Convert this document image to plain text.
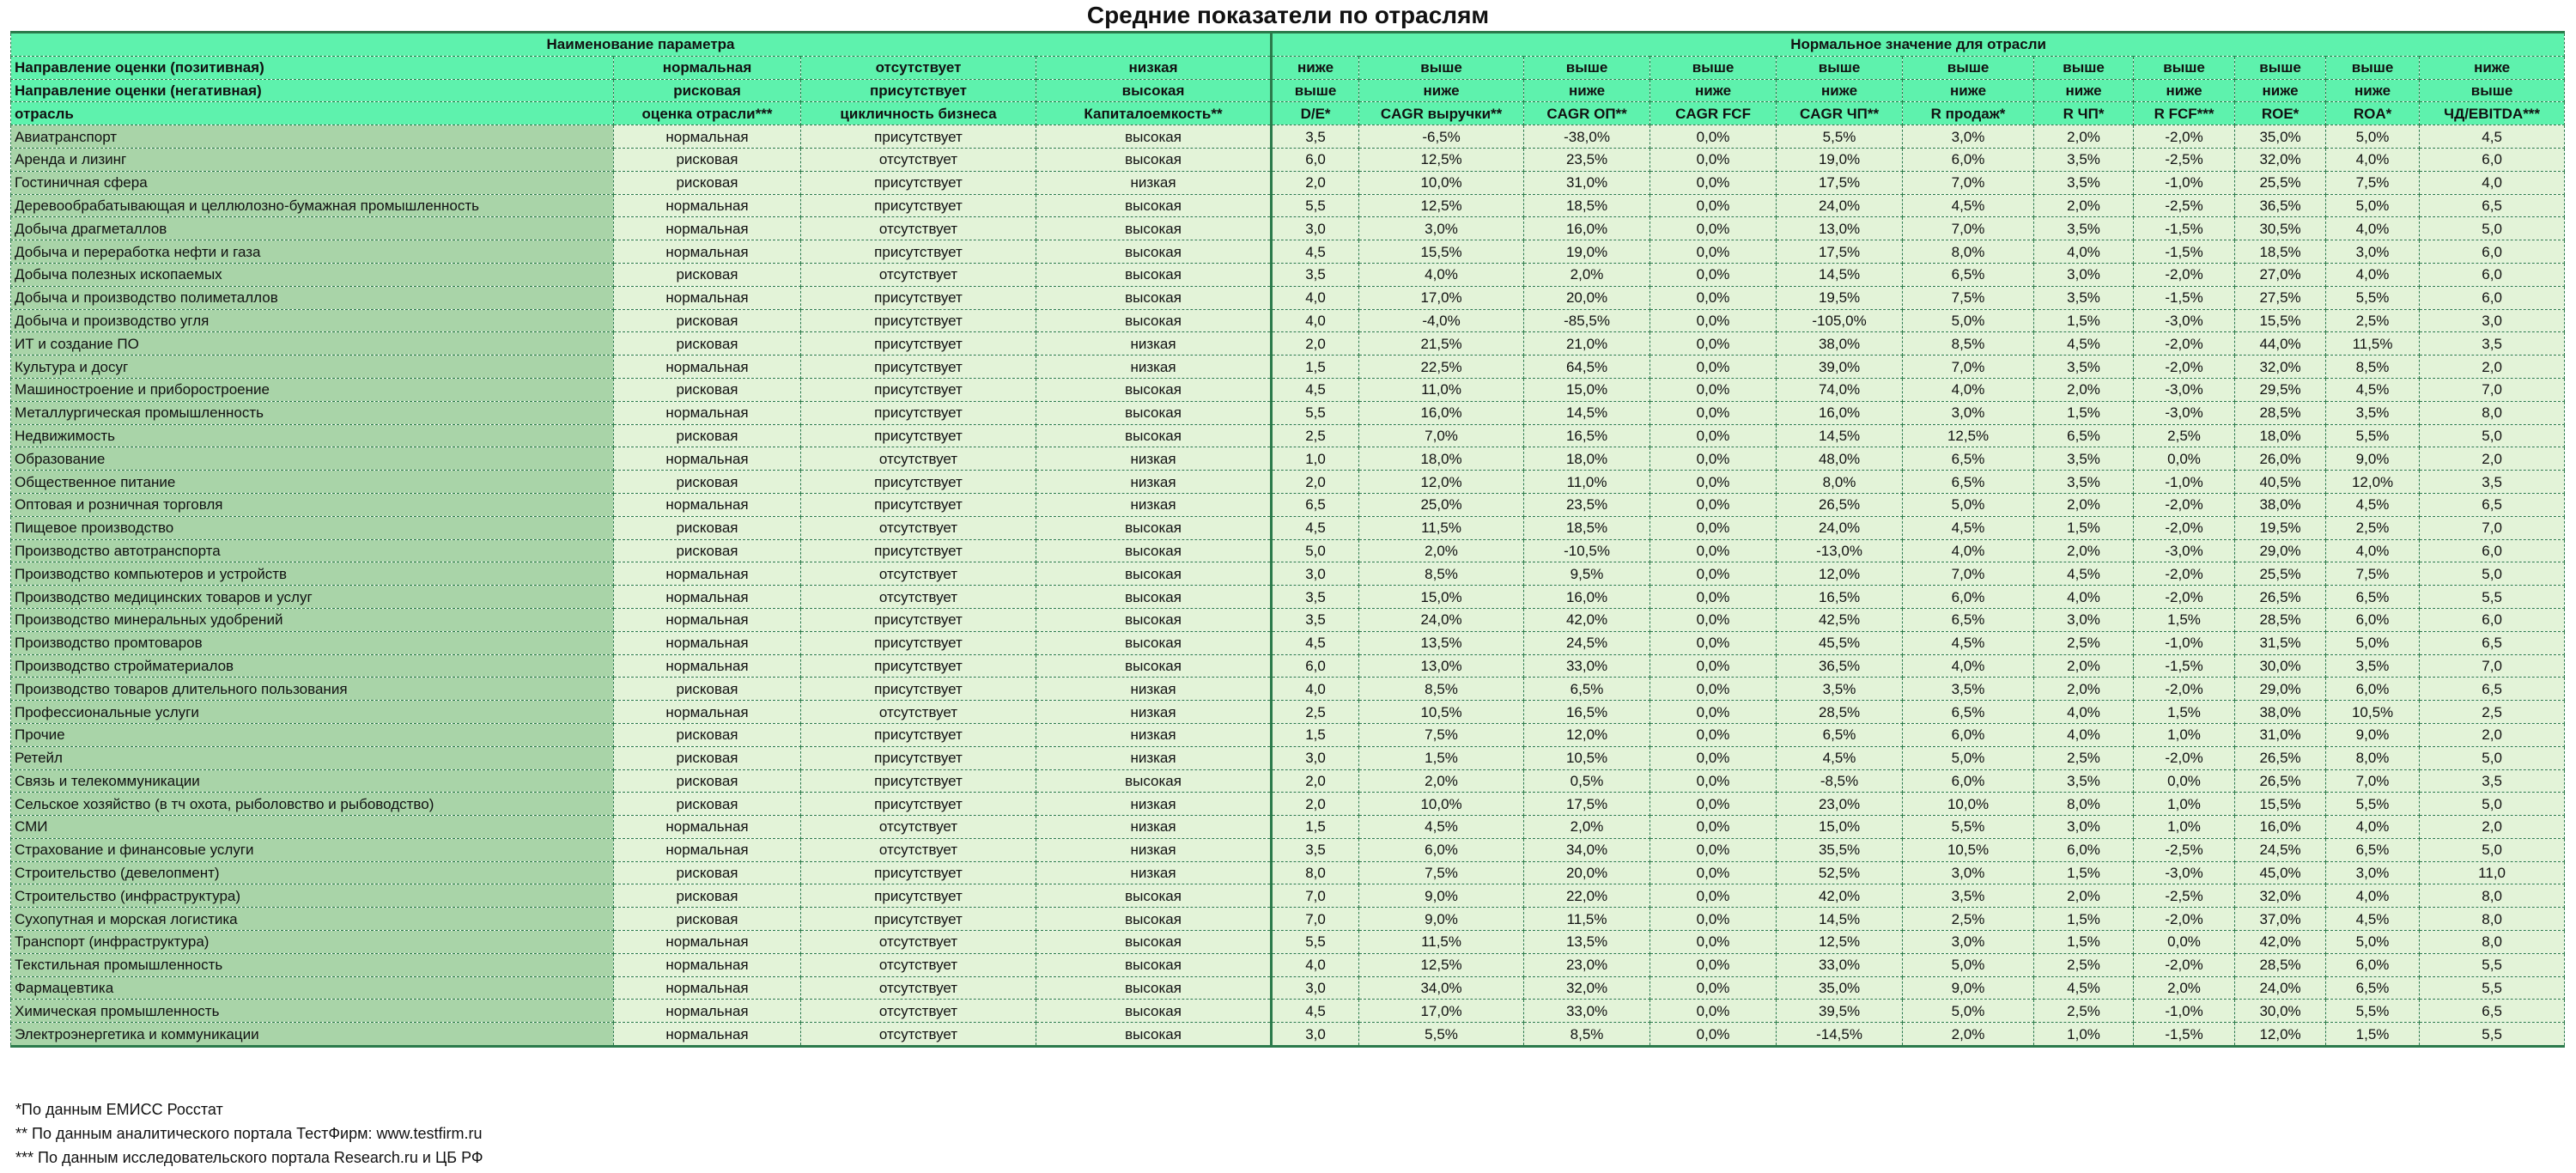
Средние показатели по отраслям
Наименование параметра				Нормальное значение для отрасли										
Направление оценки (позитивная)	нормальная	отсутствует	низкая	ниже	выше	выше	выше	выше	выше	выше	выше	выше	выше	ниже
Направление оценки (негативная)	рисковая	присутствует	высокая	выше	ниже	ниже	ниже	ниже	ниже	ниже	ниже	ниже	ниже	выше
отрасль	оценка отрасли***	цикличность бизнеса	Капиталоемкость**	D/E*	CAGR выручки**	CAGR ОП**	CAGR FCF	CAGR ЧП**	R продаж*	R ЧП*	R FCF***	ROE*	ROA*	ЧД/EBITDA***
Авиатранспорт	нормальная	присутствует	высокая	3,5	-6,5%	-38,0%	0,0%	5,5%	3,0%	2,0%	-2,0%	35,0%	5,0%	4,5
Аренда и лизинг	рисковая	отсутствует	высокая	6,0	12,5%	23,5%	0,0%	19,0%	6,0%	3,5%	-2,5%	32,0%	4,0%	6,0
Гостиничная сфера	рисковая	присутствует	низкая	2,0	10,0%	31,0%	0,0%	17,5%	7,0%	3,5%	-1,0%	25,5%	7,5%	4,0
Деревообрабатывающая и целлюлозно-бумажная промышленность	нормальная	присутствует	высокая	5,5	12,5%	18,5%	0,0%	24,0%	4,5%	2,0%	-2,5%	36,5%	5,0%	6,5
Добыча драгметаллов	нормальная	отсутствует	высокая	3,0	3,0%	16,0%	0,0%	13,0%	7,0%	3,5%	-1,5%	30,5%	4,0%	5,0
Добыча и переработка нефти и газа	нормальная	присутствует	высокая	4,5	15,5%	19,0%	0,0%	17,5%	8,0%	4,0%	-1,5%	18,5%	3,0%	6,0
Добыча полезных ископаемых	рисковая	отсутствует	высокая	3,5	4,0%	2,0%	0,0%	14,5%	6,5%	3,0%	-2,0%	27,0%	4,0%	6,0
Добыча и производство полиметаллов	нормальная	присутствует	высокая	4,0	17,0%	20,0%	0,0%	19,5%	7,5%	3,5%	-1,5%	27,5%	5,5%	6,0
Добыча и производство угля	рисковая	присутствует	высокая	4,0	-4,0%	-85,5%	0,0%	-105,0%	5,0%	1,5%	-3,0%	15,5%	2,5%	3,0
ИТ и создание ПО	рисковая	присутствует	низкая	2,0	21,5%	21,0%	0,0%	38,0%	8,5%	4,5%	-2,0%	44,0%	11,5%	3,5
Культура и досуг	нормальная	присутствует	низкая	1,5	22,5%	64,5%	0,0%	39,0%	7,0%	3,5%	-2,0%	32,0%	8,5%	2,0
Машиностроение и приборостроение	рисковая	присутствует	высокая	4,5	11,0%	15,0%	0,0%	74,0%	4,0%	2,0%	-3,0%	29,5%	4,5%	7,0
Металлургическая промышленность	нормальная	присутствует	высокая	5,5	16,0%	14,5%	0,0%	16,0%	3,0%	1,5%	-3,0%	28,5%	3,5%	8,0
Недвижимость	рисковая	присутствует	высокая	2,5	7,0%	16,5%	0,0%	14,5%	12,5%	6,5%	2,5%	18,0%	5,5%	5,0
Образование	нормальная	отсутствует	низкая	1,0	18,0%	18,0%	0,0%	48,0%	6,5%	3,5%	0,0%	26,0%	9,0%	2,0
Общественное питание	рисковая	присутствует	низкая	2,0	12,0%	11,0%	0,0%	8,0%	6,5%	3,5%	-1,0%	40,5%	12,0%	3,5
Оптовая и розничная торговля	нормальная	присутствует	низкая	6,5	25,0%	23,5%	0,0%	26,5%	5,0%	2,0%	-2,0%	38,0%	4,5%	6,5
Пищевое производство	рисковая	отсутствует	высокая	4,5	11,5%	18,5%	0,0%	24,0%	4,5%	1,5%	-2,0%	19,5%	2,5%	7,0
Производство автотранспорта	рисковая	присутствует	высокая	5,0	2,0%	-10,5%	0,0%	-13,0%	4,0%	2,0%	-3,0%	29,0%	4,0%	6,0
Производство компьютеров и устройств	нормальная	отсутствует	высокая	3,0	8,5%	9,5%	0,0%	12,0%	7,0%	4,5%	-2,0%	25,5%	7,5%	5,0
Производство медицинских товаров и услуг	нормальная	отсутствует	высокая	3,5	15,0%	16,0%	0,0%	16,5%	6,0%	4,0%	-2,0%	26,5%	6,5%	5,5
Производство минеральных удобрений	нормальная	присутствует	высокая	3,5	24,0%	42,0%	0,0%	42,5%	6,5%	3,0%	1,5%	28,5%	6,0%	6,0
Производство промтоваров	нормальная	присутствует	высокая	4,5	13,5%	24,5%	0,0%	45,5%	4,5%	2,5%	-1,0%	31,5%	5,0%	6,5
Производство стройматериалов	нормальная	присутствует	высокая	6,0	13,0%	33,0%	0,0%	36,5%	4,0%	2,0%	-1,5%	30,0%	3,5%	7,0
Производство товаров длительного пользования	рисковая	присутствует	низкая	4,0	8,5%	6,5%	0,0%	3,5%	3,5%	2,0%	-2,0%	29,0%	6,0%	6,5
Профессиональные услуги	нормальная	отсутствует	низкая	2,5	10,5%	16,5%	0,0%	28,5%	6,5%	4,0%	1,5%	38,0%	10,5%	2,5
Прочие	рисковая	присутствует	низкая	1,5	7,5%	12,0%	0,0%	6,5%	6,0%	4,0%	1,0%	31,0%	9,0%	2,0
Ретейл	рисковая	присутствует	низкая	3,0	1,5%	10,5%	0,0%	4,5%	5,0%	2,5%	-2,0%	26,5%	8,0%	5,0
Связь и телекоммуникации	рисковая	присутствует	высокая	2,0	2,0%	0,5%	0,0%	-8,5%	6,0%	3,5%	0,0%	26,5%	7,0%	3,5
Сельское хозяйство (в тч охота, рыболовство и рыбоводство)	рисковая	присутствует	низкая	2,0	10,0%	17,5%	0,0%	23,0%	10,0%	8,0%	1,0%	15,5%	5,5%	5,0
СМИ	нормальная	отсутствует	низкая	1,5	4,5%	2,0%	0,0%	15,0%	5,5%	3,0%	1,0%	16,0%	4,0%	2,0
Страхование и финансовые услуги	нормальная	отсутствует	низкая	3,5	6,0%	34,0%	0,0%	35,5%	10,5%	6,0%	-2,5%	24,5%	6,5%	5,0
Строительство (девелопмент)	рисковая	присутствует	низкая	8,0	7,5%	20,0%	0,0%	52,5%	3,0%	1,5%	-3,0%	45,0%	3,0%	11,0
Строительство (инфраструктура)	рисковая	присутствует	высокая	7,0	9,0%	22,0%	0,0%	42,0%	3,5%	2,0%	-2,5%	32,0%	4,0%	8,0
Сухопутная и морская логистика	рисковая	присутствует	высокая	7,0	9,0%	11,5%	0,0%	14,5%	2,5%	1,5%	-2,0%	37,0%	4,5%	8,0
Транспорт (инфраструктура)	нормальная	отсутствует	высокая	5,5	11,5%	13,5%	0,0%	12,5%	3,0%	1,5%	0,0%	42,0%	5,0%	8,0
Текстильная промышленность	нормальная	отсутствует	высокая	4,0	12,5%	23,0%	0,0%	33,0%	5,0%	2,5%	-2,0%	28,5%	6,0%	5,5
Фармацевтика	нормальная	отсутствует	высокая	3,0	34,0%	32,0%	0,0%	35,0%	9,0%	4,5%	2,0%	24,0%	6,5%	5,5
Химическая промышленность	нормальная	отсутствует	высокая	4,5	17,0%	33,0%	0,0%	39,5%	5,0%	2,5%	-1,0%	30,0%	5,5%	6,5
Электроэнергетика и коммуникации	нормальная	отсутствует	высокая	3,0	5,5%	8,5%	0,0%	-14,5%	2,0%	1,0%	-1,5%	12,0%	1,5%	5,5
*По данным ЕМИСС Росстат
** По данным аналитического портала ТестФирм: www.testfirm.ru
*** По данным исследовательского портала Research.ru и ЦБ РФ
